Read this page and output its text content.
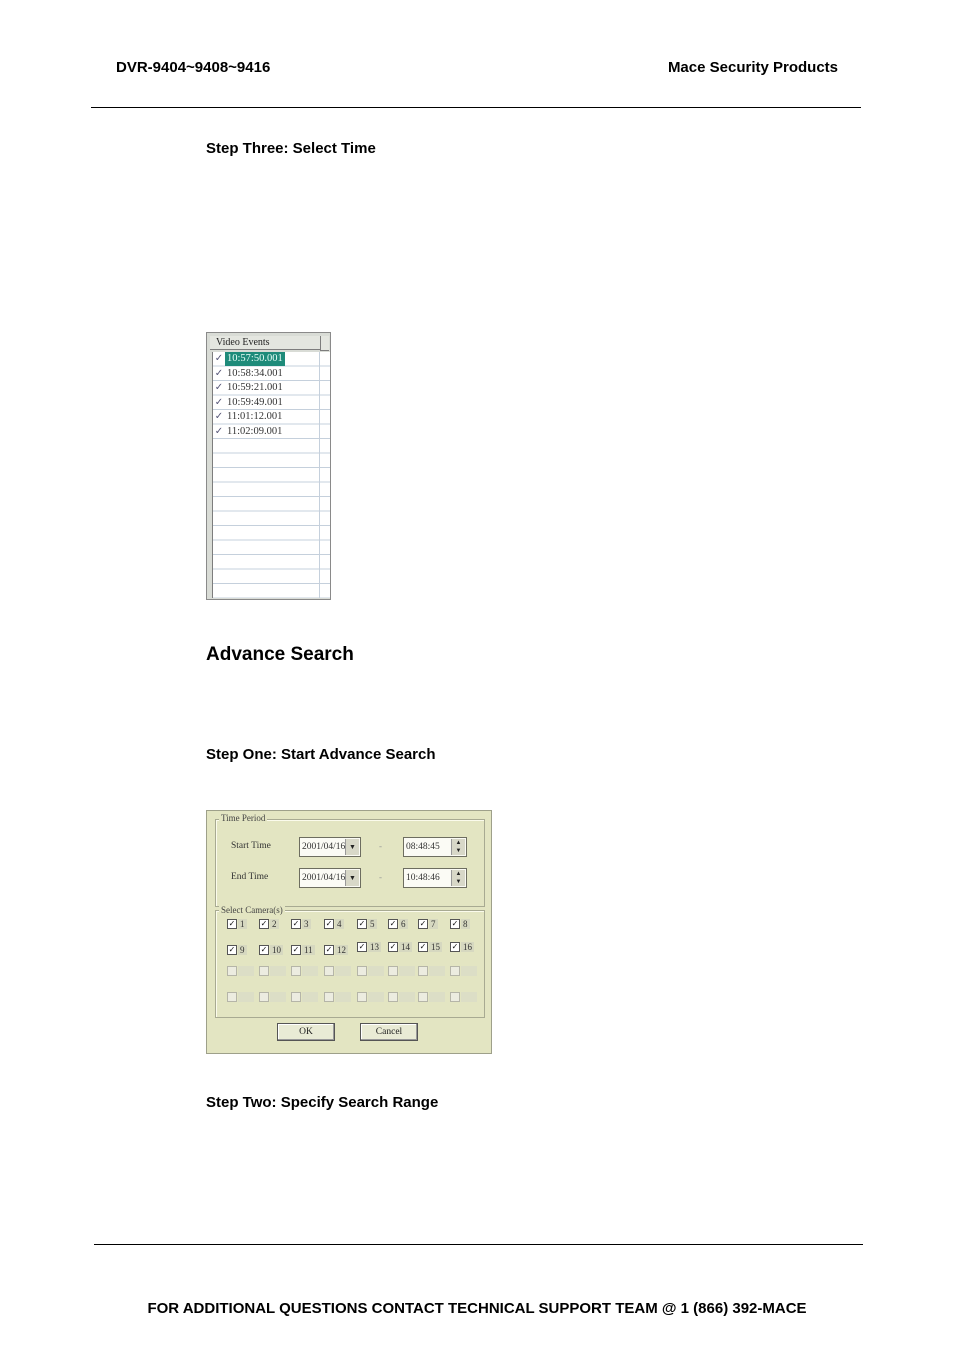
DVR-9404~9408~9416	Mace Security Products
Step Three: Select Time
Video Events
✓ 10:57:50.001
✓ 10:58:34.001
✓ 10:59:21.001
✓ 10:59:49.001
✓ 11:01:12.001
✓ 11:02:09.001
Advance Search
Step One: Start Advance Search
Time Period
Start Time	2001/04/16 ▼	-	08:48:45	▲
▼
End Time	2001/04/16 ▼	-	10:48:46	▲
▼
Select Camera(s)
✓ 1 ✓ 2 ✓ 3 ✓ 4 ✓ 5 ✓ 6 ✓ 7 ✓ 8
✓ 9 ✓ 10 ✓ 11 ✓ 12 ✓ 13 ✓ 14 ✓ 15 ✓ 16

OK	Cancel
Step Two: Specify Search Range
FOR ADDITIONAL QUESTIONS CONTACT TECHNICAL SUPPORT TEAM @ 1 (866) 392-MACE
